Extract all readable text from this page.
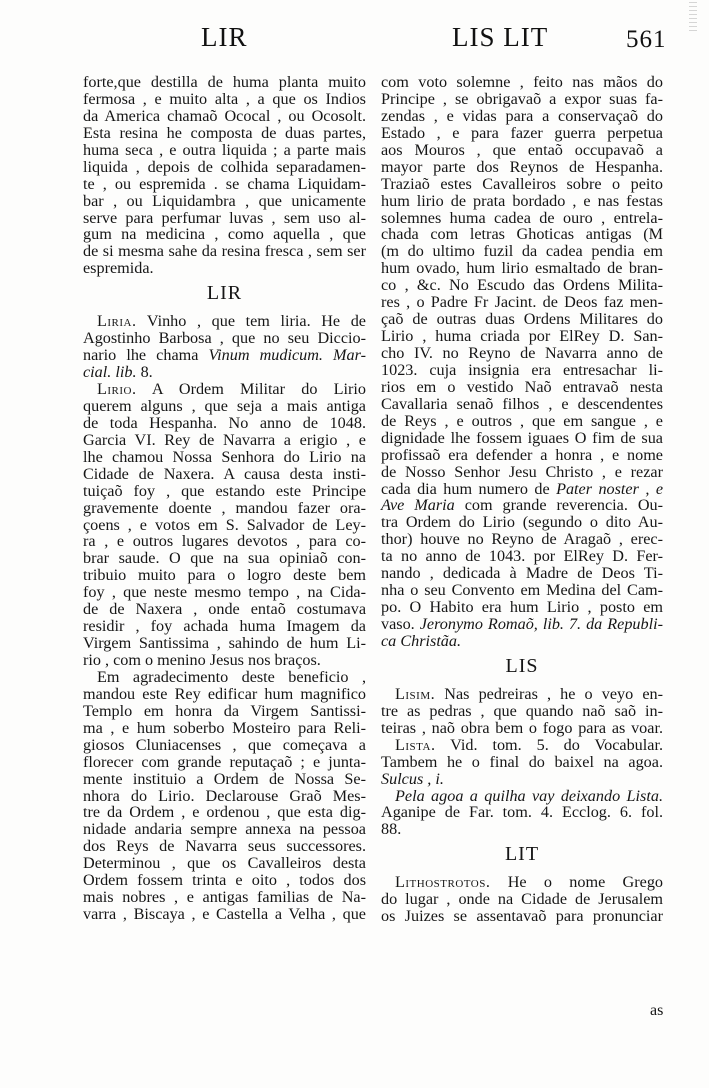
LIR	LIS LIT	561
forte,que destilla de huma planta muito
fermosa , e muito alta , a que os Indios
da America chamaõ Ococal , ou Ocosolt.
Esta resina he composta de duas partes,
huma seca , e outra liquida ; a parte mais
liquida , depois de colhida separadamen-
te , ou espremida . se chama Liquidam-
bar , ou Liquidambra , que unicamente
serve para perfumar luvas , sem uso al-
gum na medicina , como aquella , que
de si mesma sahe da resina fresca , sem ser
espremida.
LIR
Liria. Vinho , que tem liria. He de
Agostinho Barbosa , que no seu Diccio-
nario lhe chama Vinum mudicum. Mar-
cial. lib. 8.
Lirio. A Ordem Militar do Lirio
querem alguns , que seja a mais antiga
de toda Hespanha. No anno de 1048.
Garcia VI. Rey de Navarra a erigio , e
lhe chamou Nossa Senhora do Lirio na
Cidade de Naxera. A causa desta insti-
tuiçaõ foy , que estando este Principe
gravemente doente , mandou fazer ora-
çoens , e votos em S. Salvador de Ley-
ra , e outros lugares devotos , para co-
brar saude. O que na sua opiniaõ con-
tribuio muito para o logro deste bem
foy , que neste mesmo tempo , na Cida-
de de Naxera , onde entaõ costumava
residir , foy achada huma Imagem da
Virgem Santissima , sahindo de hum Li-
rio , com o menino Jesus nos braços.
Em agradecimento deste beneficio ,
mandou este Rey edificar hum magnifico
Templo em honra da Virgem Santissi-
ma , e hum soberbo Mosteiro para Reli-
giosos Cluniacenses , que começava a
florecer com grande reputaçaõ ; e junta-
mente instituio a Ordem de Nossa Se-
nhora do Lirio. Declarouse Graõ Mes-
tre da Ordem , e ordenou , que esta dig-
nidade andaria sempre annexa na pessoa
dos Reys de Navarra seus successores.
Determinou , que os Cavalleiros desta
Ordem fossem trinta e oito , todos dos
mais nobres , e antigas familias de Na-
varra , Biscaya , e Castella a Velha , que
com voto solemne , feito nas mãos do
Principe , se obrigavaõ a expor suas fa-
zendas , e vidas para a conservaçaõ do
Estado , e para fazer guerra perpetua
aos Mouros , que entaõ occupavaõ a
mayor parte dos Reynos de Hespanha.
Traziaõ estes Cavalleiros sobre o peito
hum lirio de prata bordado , e nas festas
solemnes huma cadea de ouro , entrela-
chada com letras Ghoticas antigas (M
(m do ultimo fuzil da cadea pendia em
hum ovado, hum lirio esmaltado de bran-
co , &c. No Escudo das Ordens Milita-
res , o Padre Fr Jacint. de Deos faz men-
çaõ de outras duas Ordens Militares do
Lirio , huma criada por ElRey D. San-
cho IV. no Reyno de Navarra anno de
1023. cuja insignia era entresachar li-
rios em o vestido Naõ entravaõ nesta
Cavallaria senaõ filhos , e descendentes
de Reys , e outros , que em sangue , e
dignidade lhe fossem iguaes O fim de sua
profissaõ era defender a honra , e nome
de Nosso Senhor Jesu Christo , e rezar
cada dia hum numero de Pater noster , e
Ave Maria com grande reverencia. Ou-
tra Ordem do Lirio (segundo o dito Au-
thor) houve no Reyno de Aragaõ , erec-
ta no anno de 1043. por ElRey D. Fer-
nando , dedicada à Madre de Deos Ti-
nha o seu Convento em Medina del Cam-
po. O Habito era hum Lirio , posto em
vaso. Jeronymo Romaõ, lib. 7. da Republi-
ca Christãa.
LIS
Lisim. Nas pedreiras , he o veyo en-
tre as pedras , que quando naõ saõ in-
teiras , naõ obra bem o fogo para as voar.
Lista. Vid. tom. 5. do Vocabular.
Tambem he o final do baixel na agoa.
Sulcus , i.
Pela agoa a quilha vay deixando Lista.
Aganipe de Far. tom. 4. Ecclog. 6. fol.
88.
LIT
Lithostrotos. He o nome Grego
do lugar , onde na Cidade de Jerusalem
os Juizes se assentavaõ para pronunciar
as
